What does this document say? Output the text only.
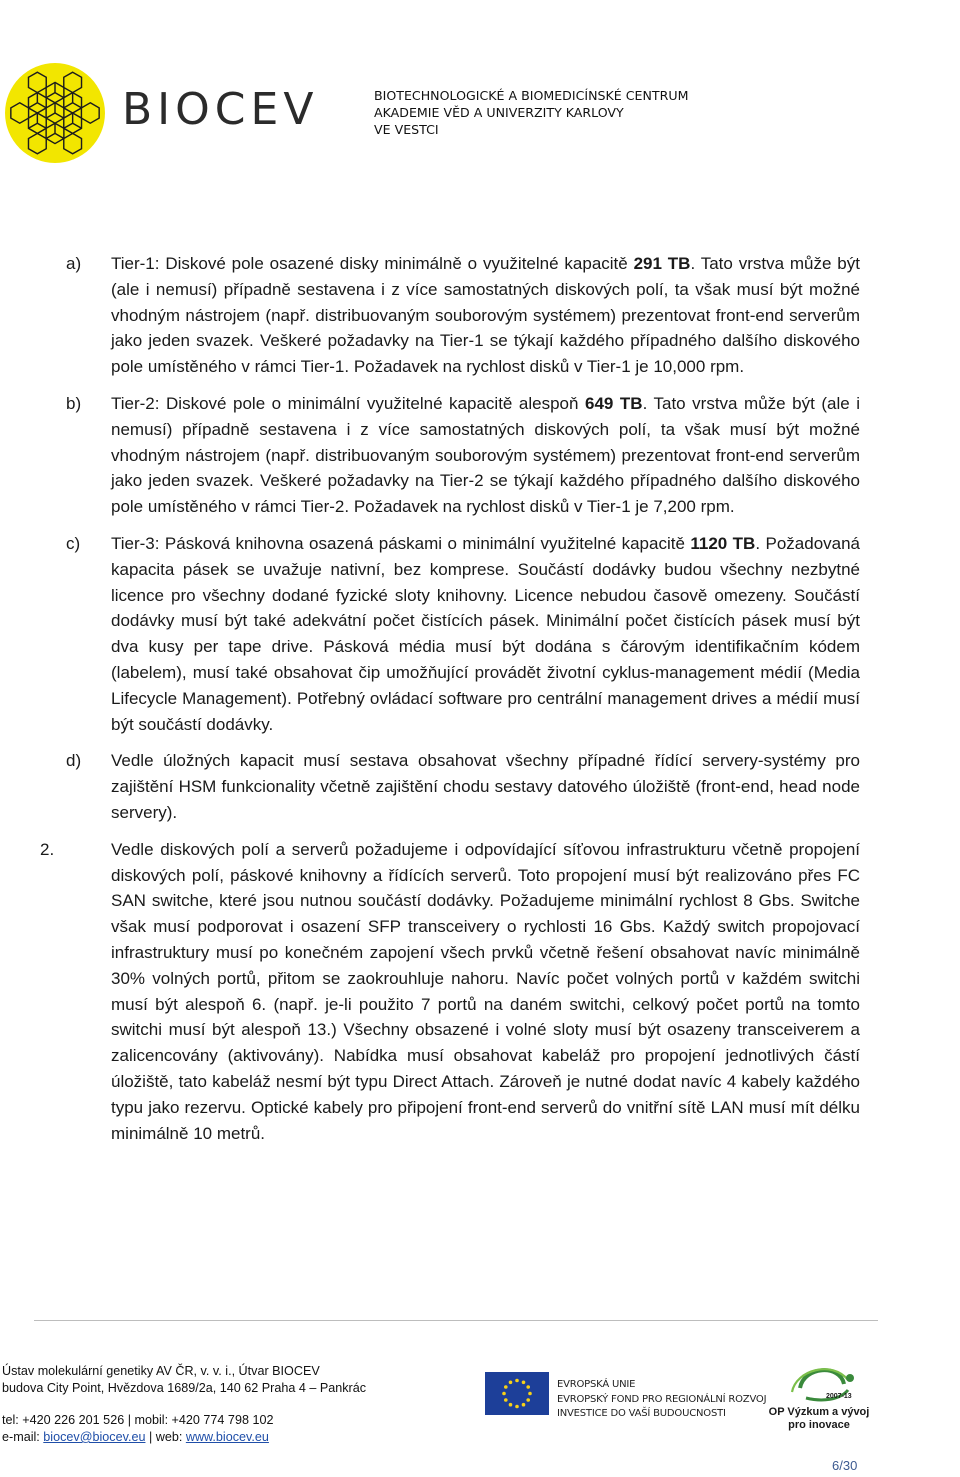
BIOCEV	BIOTECHNOLOGICKÉ A BIOMEDICÍNSKÉ CENTRUM
AKADEMIE VĚD A UNIVERZITY KARLOVY
VE VESTCI
a) Tier-1: Diskové pole osazené disky minimálně o využitelné kapacitě 291 TB. Tato vrstva může být (ale i nemusí) případně sestavena i z více samostatných diskových polí, ta však musí být možné vhodným nástrojem (např. distribuovaným souborovým systémem) prezentovat front-end serverům jako jeden svazek. Veškeré požadavky na Tier-1 se týkají každého případného dalšího diskového pole umístěného v rámci Tier-1. Požadavek na rychlost disků v Tier-1 je 10,000 rpm.
b) Tier-2: Diskové pole o minimální využitelné kapacitě alespoň 649 TB. Tato vrstva může být (ale i nemusí) případně sestavena i z více samostatných diskových polí, ta však musí být možné vhodným nástrojem (např. distribuovaným souborovým systémem) prezentovat front-end serverům jako jeden svazek. Veškeré požadavky na Tier-2 se týkají každého případného dalšího diskového pole umístěného v rámci Tier-2. Požadavek na rychlost disků v Tier-1 je 7,200 rpm.
c) Tier-3: Pásková knihovna osazená páskami o minimální využitelné kapacitě 1120 TB. Požadovaná kapacita pásek se uvažuje nativní, bez komprese. Součástí dodávky budou všechny nezbytné licence pro všechny dodané fyzické sloty knihovny. Licence nebudou časově omezeny. Součástí dodávky musí být také adekvátní počet čistících pásek. Minimální počet čistících pásek musí být dva kusy per tape drive. Pásková média musí být dodána s čárovým identifikačním kódem (labelem), musí také obsahovat čip umožňující provádět životní cyklus-management médií (Media Lifecycle Management). Potřebný ovládací software pro centrální management drives a médií musí být součástí dodávky.
d) Vedle úložných kapacit musí sestava obsahovat všechny případné řídící servery-systémy pro zajištění HSM funkcionality včetně zajištění chodu sestavy datového úložiště (front-end, head node servery).
2.	Vedle diskových polí a serverů požadujeme i odpovídající síťovou infrastrukturu včetně propojení diskových polí, páskové knihovny a řídících serverů. Toto propojení musí být realizováno přes FC SAN switche, které jsou nutnou součástí dodávky. Požadujeme minimální rychlost 8 Gbs. Switche však musí podporovat i osazení SFP transceivery o rychlosti 16 Gbs. Každý switch propojovací infrastruktury musí po konečném zapojení všech prvků včetně řešení obsahovat navíc minimálně 30% volných portů, přitom se zaokrouhluje nahoru. Navíc počet volných portů v každém switchi musí být alespoň 6. (např. je-li použito 7 portů na daném switchi, celkový počet portů na tomto switchi musí být alespoň 13.) Všechny obsazené i volné sloty musí být osazeny transceiverem a zalicencovány (aktivovány). Nabídka musí obsahovat kabeláž pro propojení jednotlivých částí úložiště, tato kabeláž nesmí být typu Direct Attach. Zároveň je nutné dodat navíc 4 kabely každého typu jako rezervu. Optické kabely pro připojení front-end serverů do vnitřní sítě LAN musí mít délku minimálně 10 metrů.
Ústav molekulární genetiky AV ČR, v. v. i., Útvar BIOCEV
budova City Point, Hvězdova 1689/2a, 140 62 Praha 4 – Pankrác
tel: +420 226 201 526 | mobil: +420 774 798 102
e-mail: biocev@biocev.eu | web: www.biocev.eu
EVROPSKÁ UNIE
EVROPSKÝ FOND PRO REGIONÁLNÍ ROZVOJ
INVESTICE DO VAŠÍ BUDOUCNOSTI
2007-13
OP Výzkum a vývoj
pro inovace
6/30
